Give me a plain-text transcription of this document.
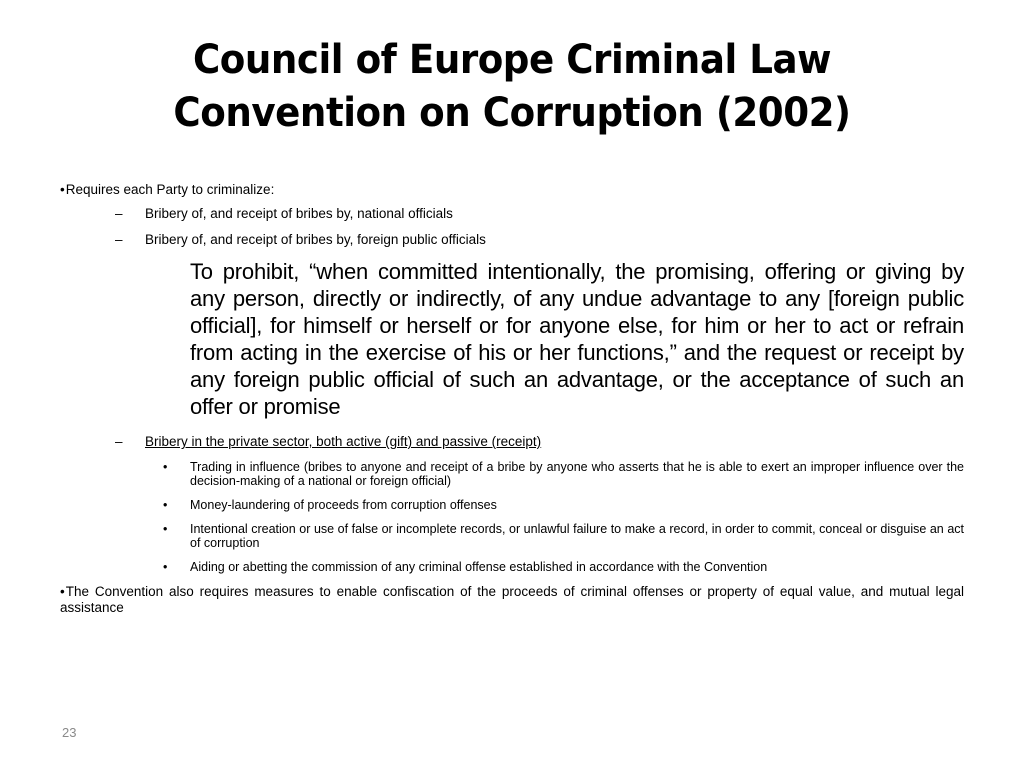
Council of Europe Criminal Law
Convention on Corruption (2002)
•Requires each Party to criminalize:
– Bribery of, and receipt of bribes by, national officials
– Bribery of, and receipt of bribes by, foreign public officials
To prohibit, “when committed intentionally, the promising, offering or giving by any person, directly or indirectly, of any undue advantage to any [foreign public official], for himself or herself or for anyone else, for him or her to act or refrain from acting in the exercise of his or her functions,” and the request or receipt by any foreign public official of such an advantage, or the acceptance of such an offer or promise
– Bribery in the private sector, both active (gift) and passive (receipt)
• Trading in influence (bribes to anyone and receipt of a bribe by anyone who asserts that he is able to exert an improper influence over the decision-making of a national or foreign official)
• Money-laundering of proceeds from corruption offenses
• Intentional creation or use of false or incomplete records, or unlawful failure to make a record, in order to commit, conceal or disguise an act of corruption
• Aiding or abetting the commission of any criminal offense established in accordance with the Convention
•The Convention also requires measures to enable confiscation of the proceeds of criminal offenses or property of equal value, and mutual legal assistance
23
